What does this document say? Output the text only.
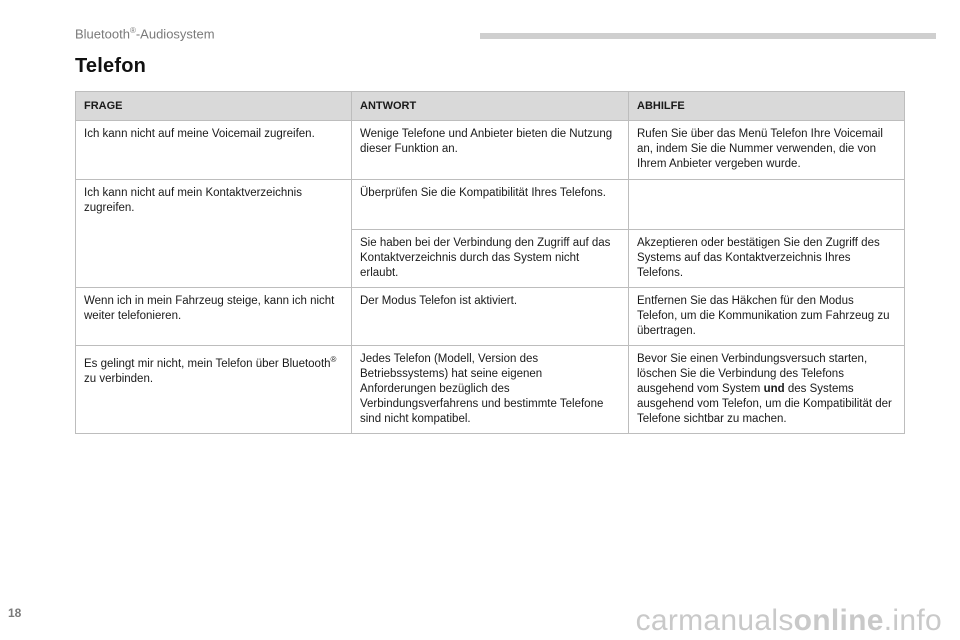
Bluetooth®-Audiosystem
Telefon
FRAGE	ANTWORT	ABHILFE
Ich kann nicht auf meine Voicemail zugreifen.	Wenige Telefone und Anbieter bieten die Nutzung dieser Funktion an.	Rufen Sie über das Menü Telefon Ihre Voicemail an, indem Sie die Nummer verwenden, die von Ihrem Anbieter vergeben wurde.
Ich kann nicht auf mein Kontaktverzeichnis zugreifen.	Überprüfen Sie die Kompatibilität Ihres Telefons.	
	Sie haben bei der Verbindung den Zugriff auf das Kontaktverzeichnis durch das System nicht erlaubt.	Akzeptieren oder bestätigen Sie den Zugriff des Systems auf das Kontaktverzeichnis Ihres Telefons.
Wenn ich in mein Fahrzeug steige, kann ich nicht weiter telefonieren.	Der Modus Telefon ist aktiviert.	Entfernen Sie das Häkchen für den Modus Telefon, um die Kommunikation zum Fahrzeug zu übertragen.
Es gelingt mir nicht, mein Telefon über Bluetooth® zu verbinden.	Jedes Telefon (Modell, Version des Betriebssystems) hat seine eigenen Anforderungen bezüglich des Verbindungsverfahrens und bestimmte Telefone sind nicht kompatibel.	Bevor Sie einen Verbindungsversuch starten, löschen Sie die Verbindung des Telefons ausgehend vom System und des Systems ausgehend vom Telefon, um die Kompatibilität der Telefone sichtbar zu machen.
18	carmanualsonline.info
